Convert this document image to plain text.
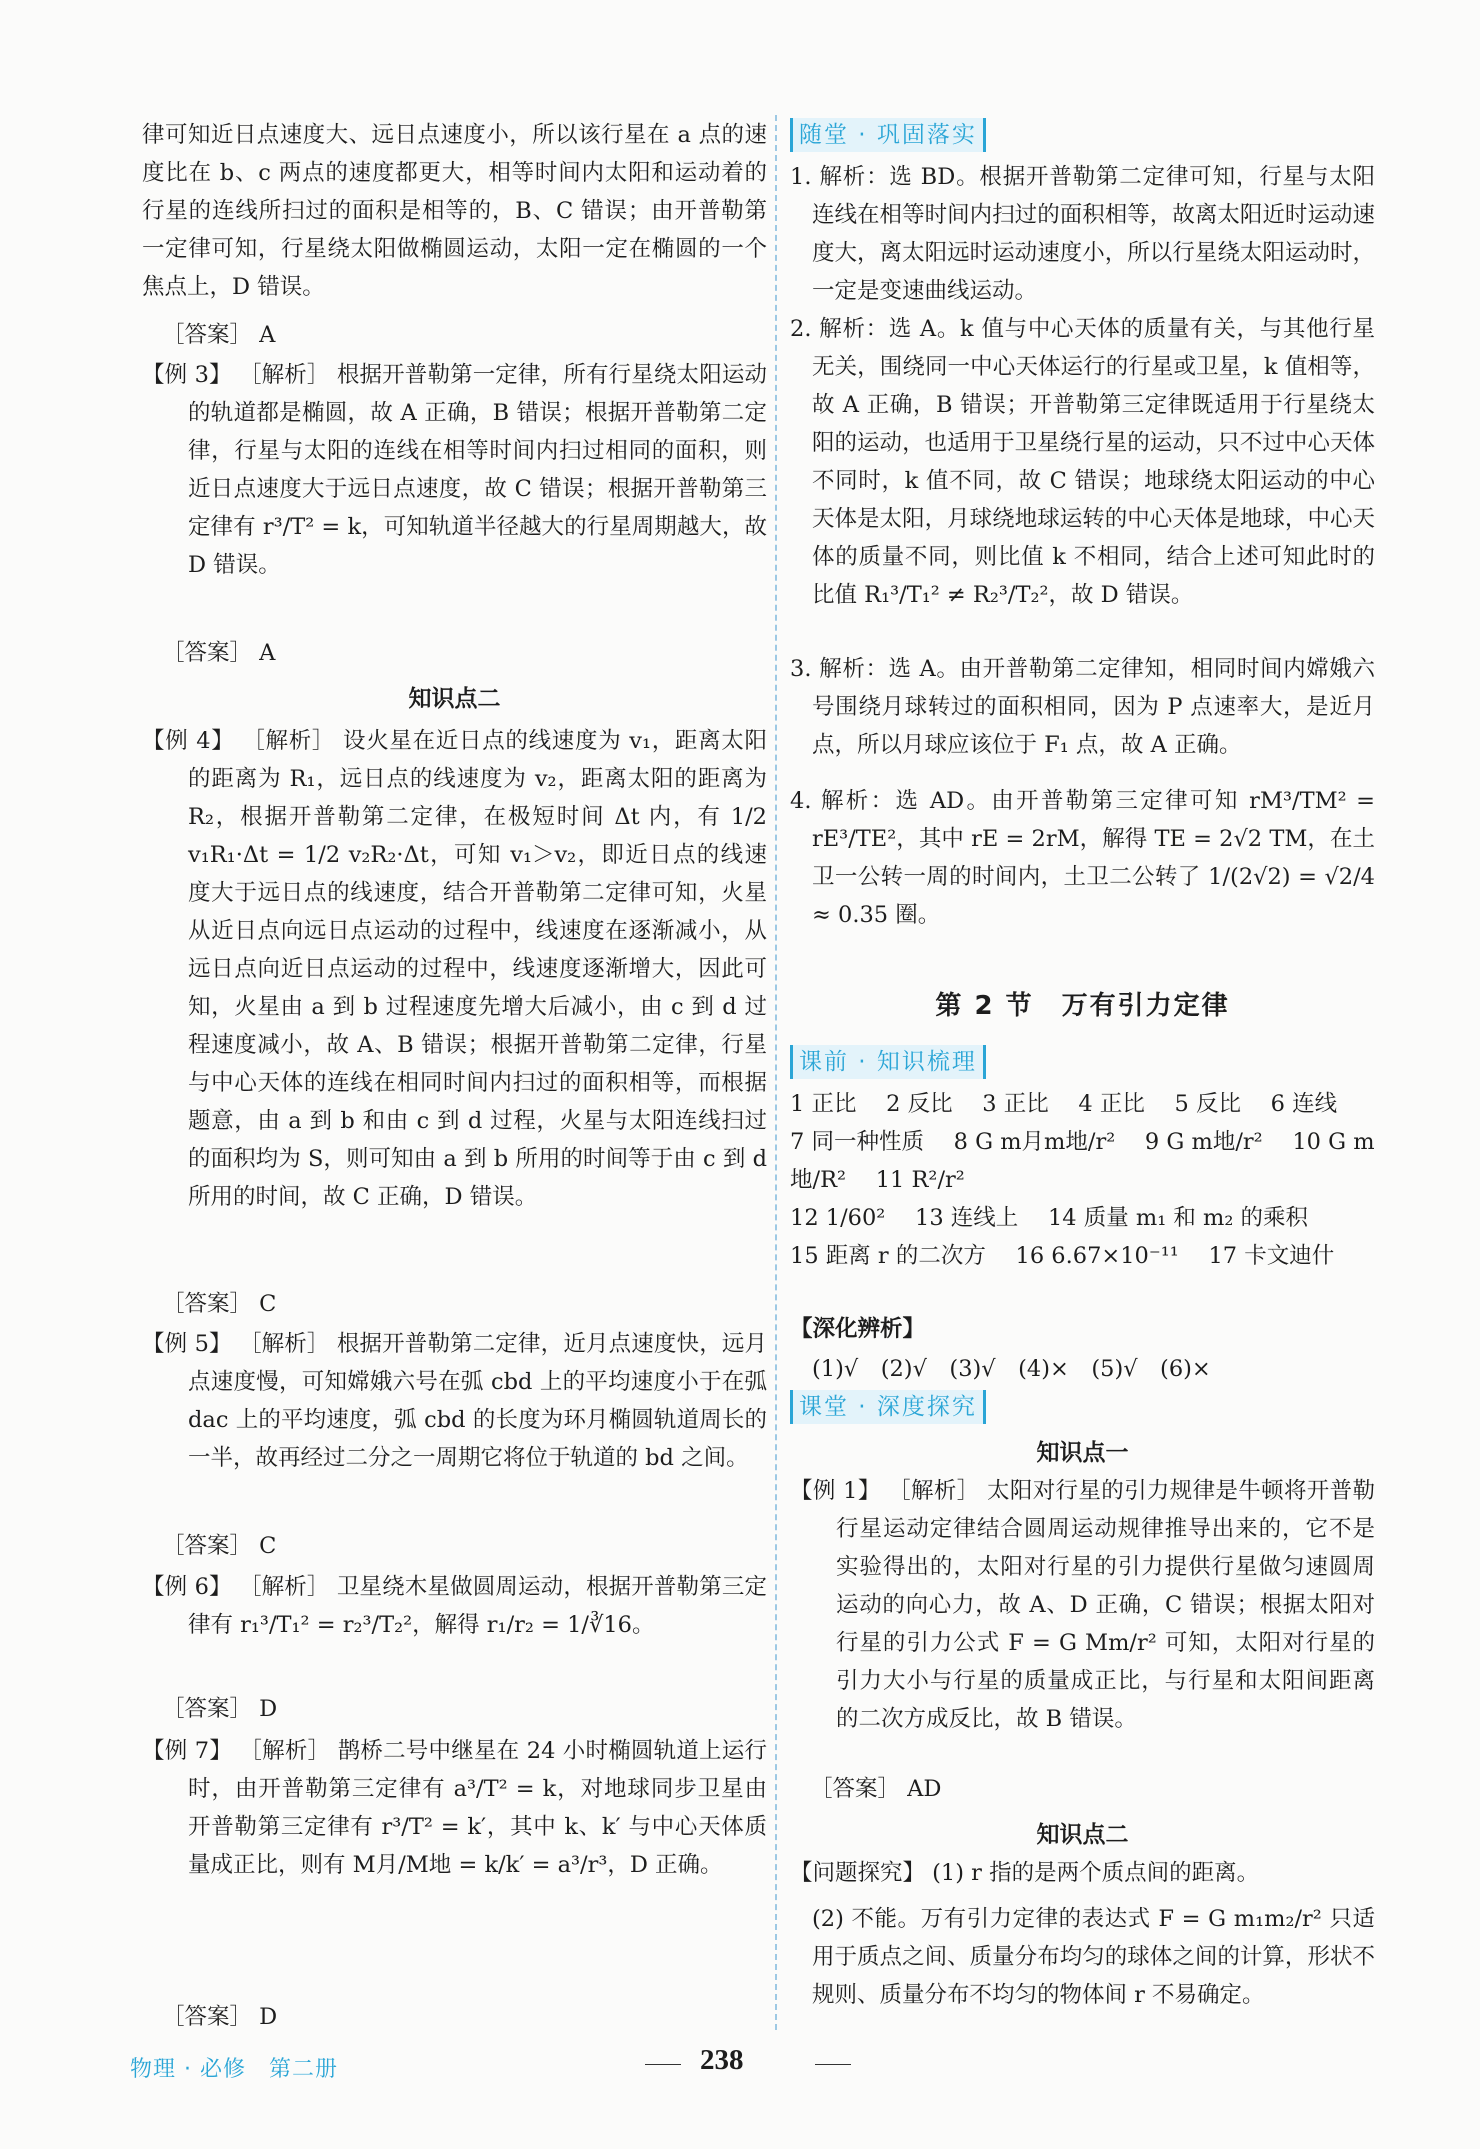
律可知近日点速度大、远日点速度小，所以该行星在 a 点的速度比在 b、c 两点的速度都更大，相等时间内太阳和运动着的行星的连线所扫过的面积是相等的，B、C 错误；由开普勒第一定律可知，行星绕太阳做椭圆运动，太阳一定在椭圆的一个焦点上，D 错误。
［答案］ A
【例 3】 ［解析］ 根据开普勒第一定律，所有行星绕太阳运动的轨道都是椭圆，故 A 正确，B 错误；根据开普勒第二定律，行星与太阳的连线在相等时间内扫过相同的面积，则近日点速度大于远日点速度，故 C 错误；根据开普勒第三定律有 r³/T² = k，可知轨道半径越大的行星周期越大，故 D 错误。
［答案］ A
知识点二
【例 4】 ［解析］ 设火星在近日点的线速度为 v₁，距离太阳的距离为 R₁，远日点的线速度为 v₂，距离太阳的距离为 R₂，根据开普勒第二定律，在极短时间 Δt 内，有 1/2 v₁R₁·Δt = 1/2 v₂R₂·Δt，可知 v₁＞v₂，即近日点的线速度大于远日点的线速度，结合开普勒第二定律可知，火星从近日点向远日点运动的过程中，线速度在逐渐减小，从远日点向近日点运动的过程中，线速度逐渐增大，因此可知，火星由 a 到 b 过程速度先增大后减小，由 c 到 d 过程速度减小，故 A、B 错误；根据开普勒第二定律，行星与中心天体的连线在相同时间内扫过的面积相等，而根据题意，由 a 到 b 和由 c 到 d 过程，火星与太阳连线扫过的面积均为 S，则可知由 a 到 b 所用的时间等于由 c 到 d 所用的时间，故 C 正确，D 错误。
［答案］ C
【例 5】 ［解析］ 根据开普勒第二定律，近月点速度快，远月点速度慢，可知嫦娥六号在弧 cbd 上的平均速度小于在弧 dac 上的平均速度，弧 cbd 的长度为环月椭圆轨道周长的一半，故再经过二分之一周期它将位于轨道的 bd 之间。
［答案］ C
【例 6】 ［解析］ 卫星绕木星做圆周运动，根据开普勒第三定律有 r₁³/T₁² = r₂³/T₂²，解得 r₁/r₂ = 1/∛16。
［答案］ D
【例 7】 ［解析］ 鹊桥二号中继星在 24 小时椭圆轨道上运行时，由开普勒第三定律有 a³/T² = k，对地球同步卫星由开普勒第三定律有 r³/T² = k′，其中 k、k′ 与中心天体质量成正比，则有 M月/M地 = k/k′ = a³/r³，D 正确。
［答案］ D
随堂 · 巩固落实
1. 解析：选 BD。根据开普勒第二定律可知，行星与太阳连线在相等时间内扫过的面积相等，故离太阳近时运动速度大，离太阳远时运动速度小，所以行星绕太阳运动时，一定是变速曲线运动。
2. 解析：选 A。k 值与中心天体的质量有关，与其他行星无关，围绕同一中心天体运行的行星或卫星，k 值相等，故 A 正确，B 错误；开普勒第三定律既适用于行星绕太阳的运动，也适用于卫星绕行星的运动，只不过中心天体不同时，k 值不同，故 C 错误；地球绕太阳运动的中心天体是太阳，月球绕地球运转的中心天体是地球，中心天体的质量不同，则比值 k 不相同，结合上述可知此时的比值 R₁³/T₁² ≠ R₂³/T₂²，故 D 错误。
3. 解析：选 A。由开普勒第二定律知，相同时间内嫦娥六号围绕月球转过的面积相同，因为 P 点速率大，是近月点，所以月球应该位于 F₁ 点，故 A 正确。
4. 解析：选 AD。由开普勒第三定律可知 rM³/TM² = rE³/TE²，其中 rE = 2rM，解得 TE = 2√2 TM，在土卫一公转一周的时间内，土卫二公转了 1/(2√2) = √2/4 ≈ 0.35 圈。
第 2 节　万有引力定律
课前 · 知识梳理
1 正比　 2 反比　 3 正比　 4 正比　 5 反比　 6 连线
7 同一种性质　 8 G m月m地/r²　 9 G m地/r²　 10 G m地/R²　 11 R²/r²
12 1/60²　 13 连线上　 14 质量 m₁ 和 m₂ 的乘积
15 距离 r 的二次方　 16 6.67×10⁻¹¹　 17 卡文迪什
【深化辨析】
(1)√　(2)√　(3)√　(4)×　(5)√　(6)×
课堂 · 深度探究
知识点一
【例 1】 ［解析］ 太阳对行星的引力规律是牛顿将开普勒行星运动定律结合圆周运动规律推导出来的，它不是实验得出的，太阳对行星的引力提供行星做匀速圆周运动的向心力，故 A、D 正确，C 错误；根据太阳对行星的引力公式 F = G Mm/r² 可知，太阳对行星的引力大小与行星的质量成正比，与行星和太阳间距离的二次方成反比，故 B 错误。
［答案］ AD
知识点二
【问题探究】 (1) r 指的是两个质点间的距离。
(2) 不能。万有引力定律的表达式 F = G m₁m₂/r² 只适用于质点之间、质量分布均匀的球体之间的计算，形状不规则、质量分布不均匀的物体间 r 不易确定。
物理 · 必修　第二册	238
